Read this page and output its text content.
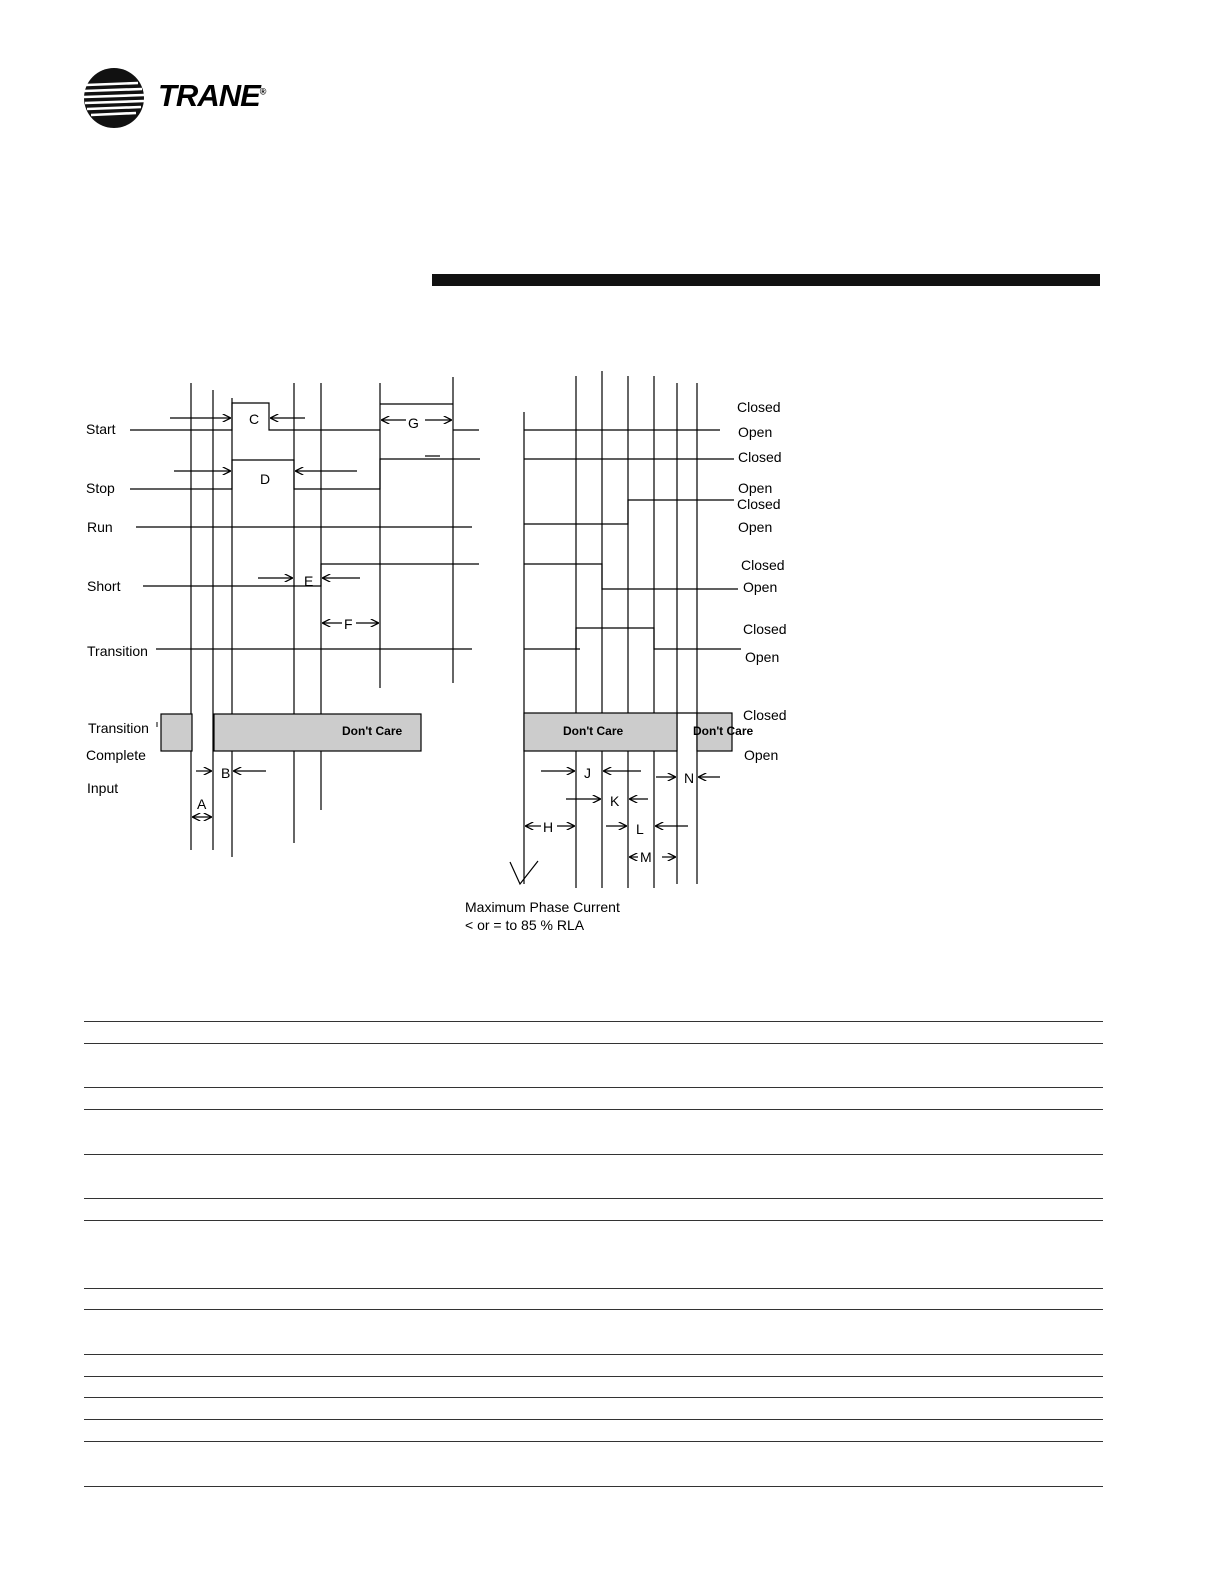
TRANE®
Don't Care
Start
Stop
Run
Short
Transition
Transition
Complete
Input
C
D
G
E
F
B
A
Don't Care	Don't Care
J
K
H	L
M
N
Closed
Open
Closed
Open
Closed
Open
Closed
Open
Closed
Open
Closed
Open
Maximum Phase Current
< or = to 85 % RLA
